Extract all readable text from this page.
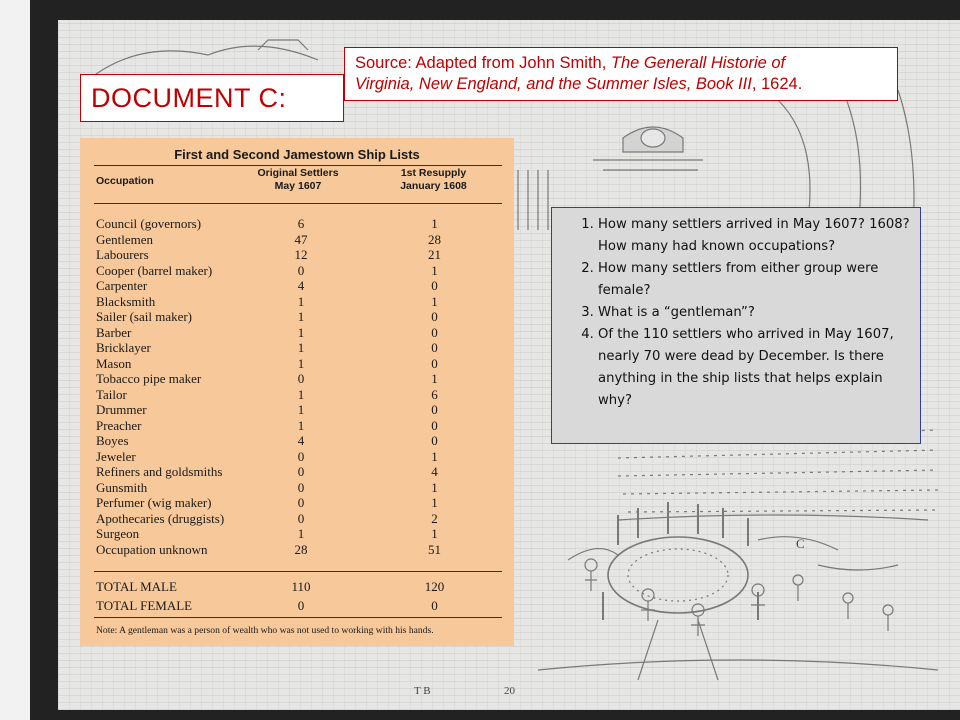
C
T B	20
Source: Adapted from John Smith, The Generall Historie of
Virginia, New England, and the Summer Isles, Book III, 1624.
DOCUMENT C:
First and Second Jamestown Ship Lists
Occupation
Original Settlers
May 1607
1st Resupply
January 1608
Council (governors)	6	1
Gentlemen	47	28
Labourers	12	21
Cooper (barrel maker)	0	1
Carpenter	4	0
Blacksmith	1	1
Sailer (sail maker)	1	0
Barber	1	0
Bricklayer	1	0
Mason	1	0
Tobacco pipe maker	0	1
Tailor	1	6
Drummer	1	0
Preacher	1	0
Boyes	4	0
Jeweler	0	1
Refiners and goldsmiths	0	4
Gunsmith	0	1
Perfumer (wig maker)	0	1
Apothecaries (druggists)	0	2
Surgeon	1	1
Occupation unknown	28	51
TOTAL MALE	110	120
TOTAL FEMALE	0	0
Note: A gentleman was a person of wealth who was not used to working with his hands.
1. How many settlers arrived in May 1607? 1608? How many had known occupations?
2. How many settlers from either group were female?
3. What is a “gentleman”?
4. Of the 110 settlers who arrived in May 1607, nearly 70 were dead by December. Is there anything in the ship lists that helps explain why?
